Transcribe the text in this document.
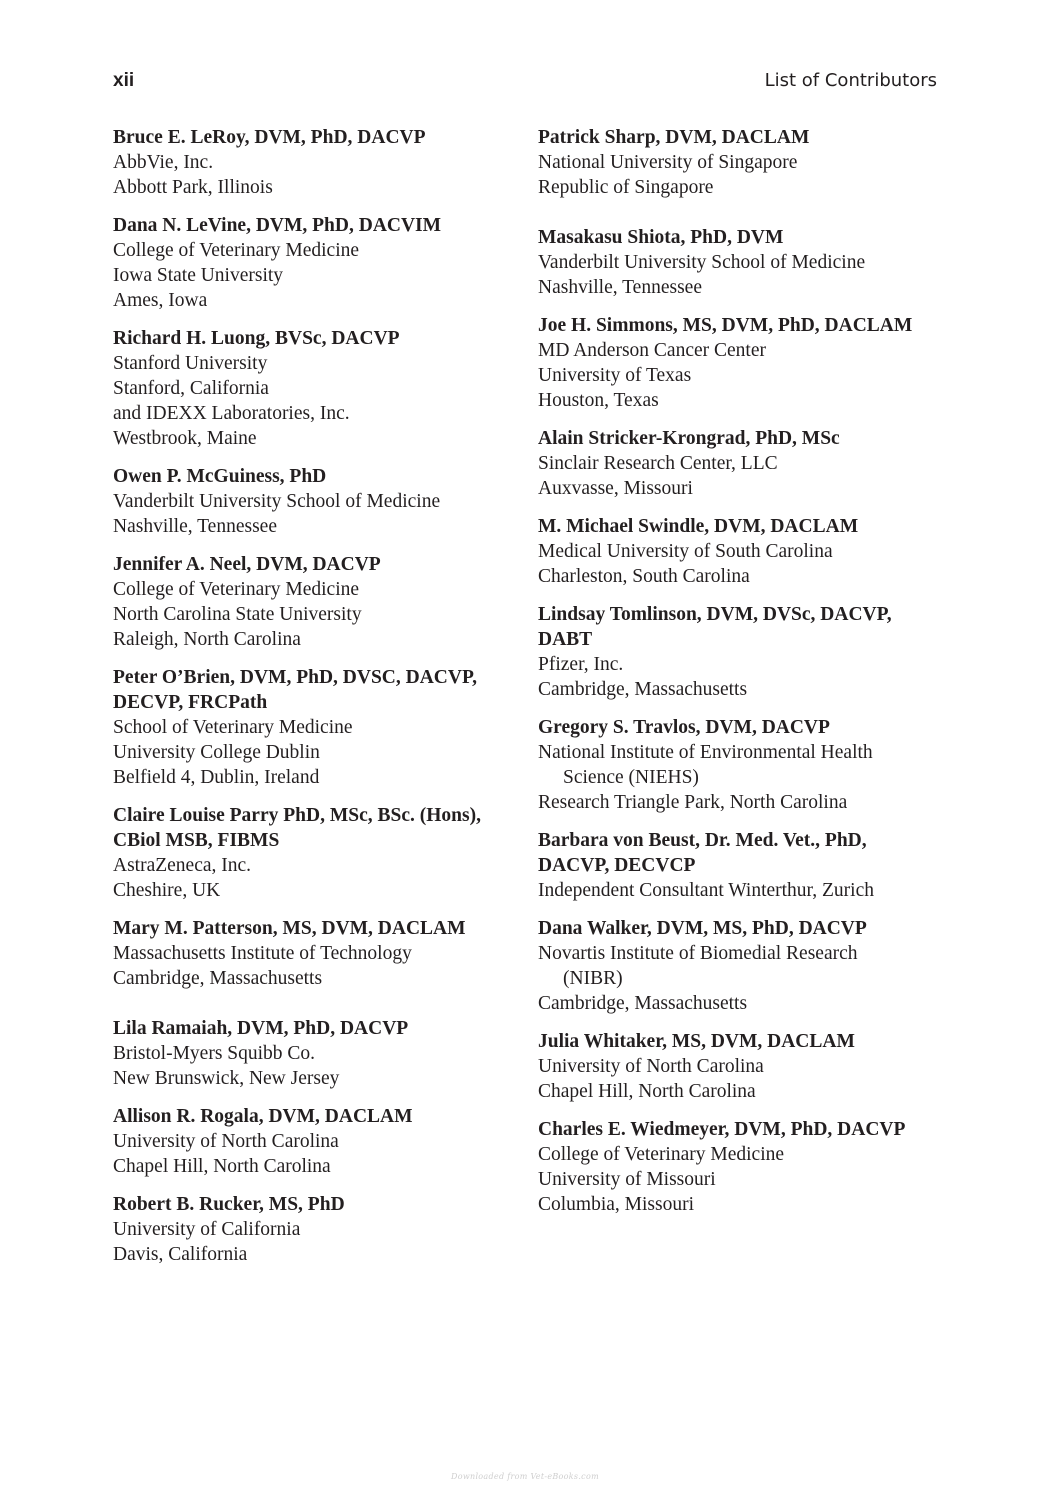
xii	List of Contributors
Bruce E. LeRoy, DVM, PhD, DACVP
AbbVie, Inc.
Abbott Park, Illinois
Dana N. LeVine, DVM, PhD, DACVIM
College of Veterinary Medicine
Iowa State University
Ames, Iowa
Richard H. Luong, BVSc, DACVP
Stanford University
Stanford, California
and IDEXX Laboratories, Inc.
Westbrook, Maine
Owen P. McGuiness, PhD
Vanderbilt University School of Medicine
Nashville, Tennessee
Jennifer A. Neel, DVM, DACVP
College of Veterinary Medicine
North Carolina State University
Raleigh, North Carolina
Peter O’Brien, DVM, PhD, DVSC, DACVP,
DECVP, FRCPath
School of Veterinary Medicine
University College Dublin
Belfield 4, Dublin, Ireland
Claire Louise Parry PhD, MSc, BSc. (Hons),
CBiol MSB, FIBMS
AstraZeneca, Inc.
Cheshire, UK
Mary M. Patterson, MS, DVM, DACLAM
Massachusetts Institute of Technology
Cambridge, Massachusetts
Lila Ramaiah, DVM, PhD, DACVP
Bristol-Myers Squibb Co.
New Brunswick, New Jersey
Allison R. Rogala, DVM, DACLAM
University of North Carolina
Chapel Hill, North Carolina
Robert B. Rucker, MS, PhD
University of California
Davis, California
Patrick Sharp, DVM, DACLAM
National University of Singapore
Republic of Singapore
Masakasu Shiota, PhD, DVM
Vanderbilt University School of Medicine
Nashville, Tennessee
Joe H. Simmons, MS, DVM, PhD, DACLAM
MD Anderson Cancer Center
University of Texas
Houston, Texas
Alain Stricker-Krongrad, PhD, MSc
Sinclair Research Center, LLC
Auxvasse, Missouri
M. Michael Swindle, DVM, DACLAM
Medical University of South Carolina
Charleston, South Carolina
Lindsay Tomlinson, DVM, DVSc, DACVP,
DABT
Pfizer, Inc.
Cambridge, Massachusetts
Gregory S. Travlos, DVM, DACVP
National Institute of Environmental Health
Science (NIEHS)
Research Triangle Park, North Carolina
Barbara von Beust, Dr. Med. Vet., PhD,
DACVP, DECVCP
Independent Consultant Winterthur, Zurich
Dana Walker, DVM, MS, PhD, DACVP
Novartis Institute of Biomedial Research
(NIBR)
Cambridge, Massachusetts
Julia Whitaker, MS, DVM, DACLAM
University of North Carolina
Chapel Hill, North Carolina
Charles E. Wiedmeyer, DVM, PhD, DACVP
College of Veterinary Medicine
University of Missouri
Columbia, Missouri
Downloaded from Vet-eBooks.com
